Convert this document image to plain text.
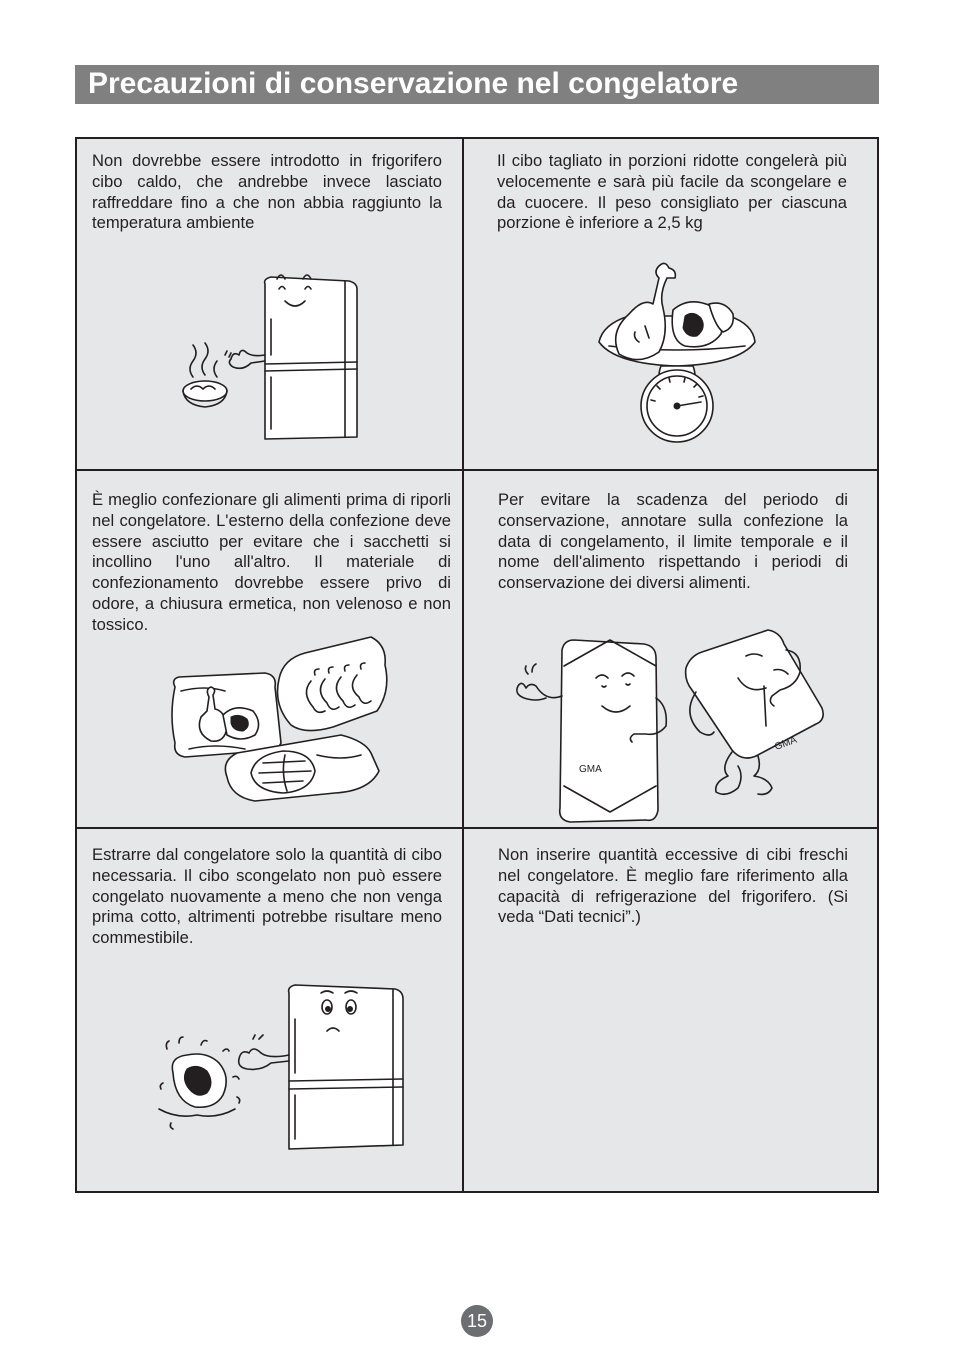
Precauzioni di conservazione nel congelatore

Non dovrebbe essere introdotto in frigorifero cibo caldo, che andrebbe invece lasciato raffreddare fino a che non abbia raggiunto la temperatura ambiente

Il cibo tagliato in porzioni ridotte congelerà più velocemente e sarà più facile da scongelare e da cuocere. Il peso consigliato per ciascuna porzione è inferiore a 2,5 kg

È meglio confezionare gli alimenti prima di riporli nel congelatore. L'esterno della confezione deve essere asciutto per evitare che i sacchetti si incollino l'uno all'altro. Il materiale di confezionamento dovrebbe essere privo di odore, a chiusura ermetica, non velenoso e non tossico.

Per evitare la scadenza del periodo di conservazione, annotare sulla confezione la data di congelamento, il limite temporale e il nome dell'alimento rispettando i periodi di conservazione dei diversi alimenti.

GMA
GMA

Estrarre dal congelatore solo la quantità di cibo necessaria. Il cibo scongelato non può essere congelato nuovamente a meno che non venga prima cotto, altrimenti potrebbe risultare meno commestibile.

Non inserire quantità eccessive di cibi freschi nel congelatore. È meglio fare riferimento alla capacità di refrigerazione del frigorifero. (Si veda “Dati tecnici”.)

15
